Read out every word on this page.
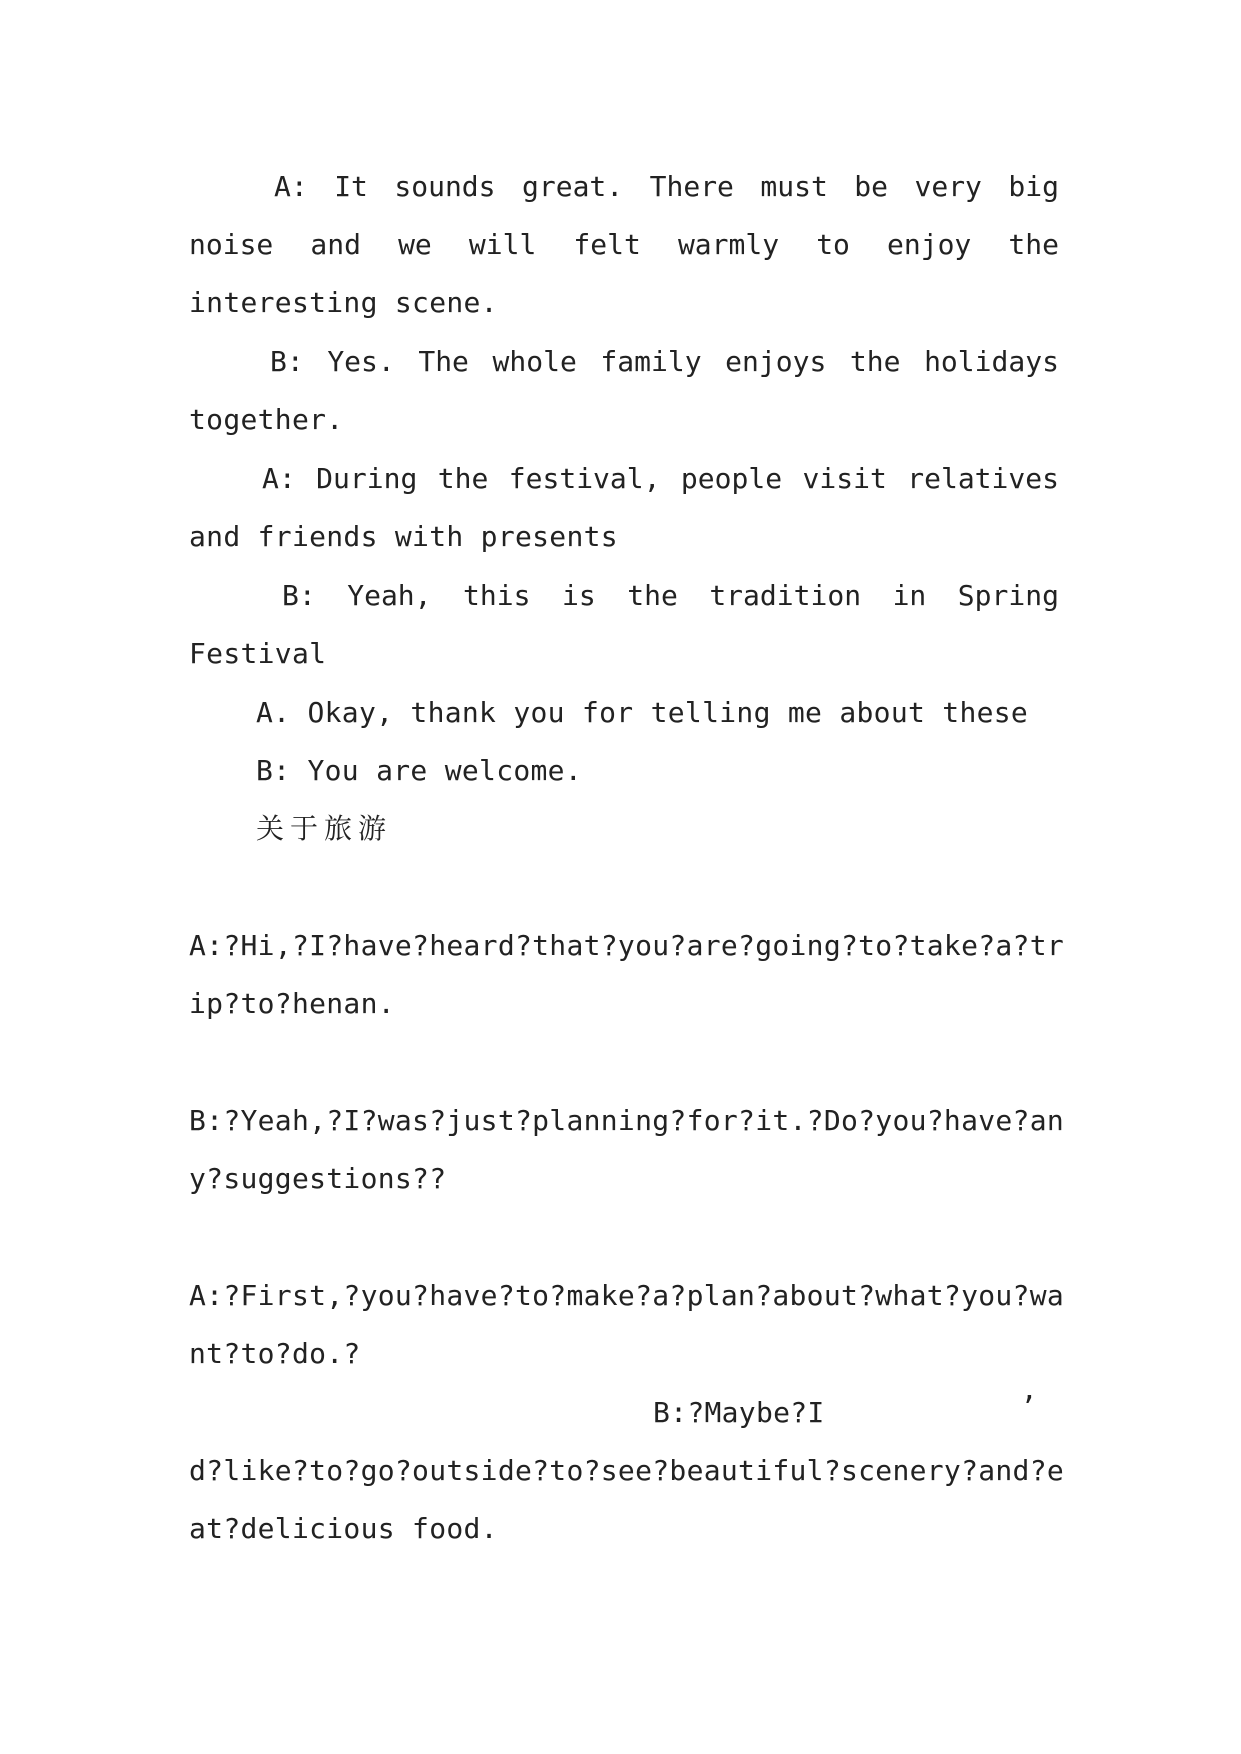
A: It sounds great. There must be very big
noise and we will felt warmly to enjoy the
interesting scene.
B: Yes. The whole family enjoys the holidays
together.
A: During the festival, people visit relatives
and friends with presents
B: Yeah, this is the tradition in Spring
Festival
A. Okay, thank you for telling me about these
B: You are welcome.
关于旅游
A:?Hi,?I?have?heard?that?you?are?going?to?take?a?tr
ip?to?henan.
B:?Yeah,?I?was?just?planning?for?it.?Do?you?have?an
y?suggestions??
A:?First,?you?have?to?make?a?plan?about?what?you?wa
nt?to?do.?
B:?Maybe?I	’
d?like?to?go?outside?to?see?beautiful?scenery?and?e
at?delicious food.
